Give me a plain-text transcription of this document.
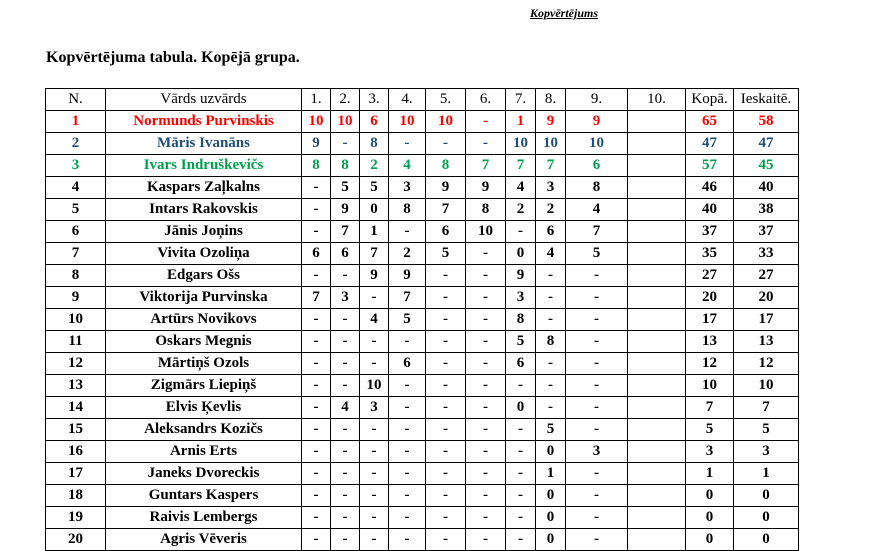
Kopvērtējums
Kopvērtējuma tabula. Kopējā grupa.
N.	Vārds uzvārds	1.	2.	3.	4.	5.	6.	7.	8.	9.	10.	Kopā.	Ieskaitē.
1	Normunds Purvinskis	10	10	6	10	10	-	1	9	9		65	58
2	Māris Ivanāns	9	-	8	-	-	-	10	10	10		47	47
3	Ivars Indruškevičs	8	8	2	4	8	7	7	7	6		57	45
4	Kaspars Zaļkalns	-	5	5	3	9	9	4	3	8		46	40
5	Intars Rakovskis	-	9	0	8	7	8	2	2	4		40	38
6	Jānis Joņins	-	7	1	-	6	10	-	6	7		37	37
7	Vivita Ozoliņa	6	6	7	2	5	-	0	4	5		35	33
8	Edgars Ošs	-	-	9	9	-	-	9	-	-		27	27
9	Viktorija Purvinska	7	3	-	7	-	-	3	-	-		20	20
10	Artūrs Novikovs	-	-	4	5	-	-	8	-	-		17	17
11	Oskars Megnis	-	-	-	-	-	-	5	8	-		13	13
12	Mārtiņš Ozols	-	-	-	6	-	-	6	-	-		12	12
13	Zigmārs Liepiņš	-	-	10	-	-	-	-	-	-		10	10
14	Elvis Ķevlis	-	4	3	-	-	-	0	-	-		7	7
15	Aleksandrs Kozičs	-	-	-	-	-	-	-	5	-		5	5
16	Arnis Erts	-	-	-	-	-	-	-	0	3		3	3
17	Janeks Dvoreckis	-	-	-	-	-	-	-	1	-		1	1
18	Guntars Kaspers	-	-	-	-	-	-	-	0	-		0	0
19	Raivis Lembergs	-	-	-	-	-	-	-	0	-		0	0
20	Agris Vēveris	-	-	-	-	-	-	-	0	-		0	0
